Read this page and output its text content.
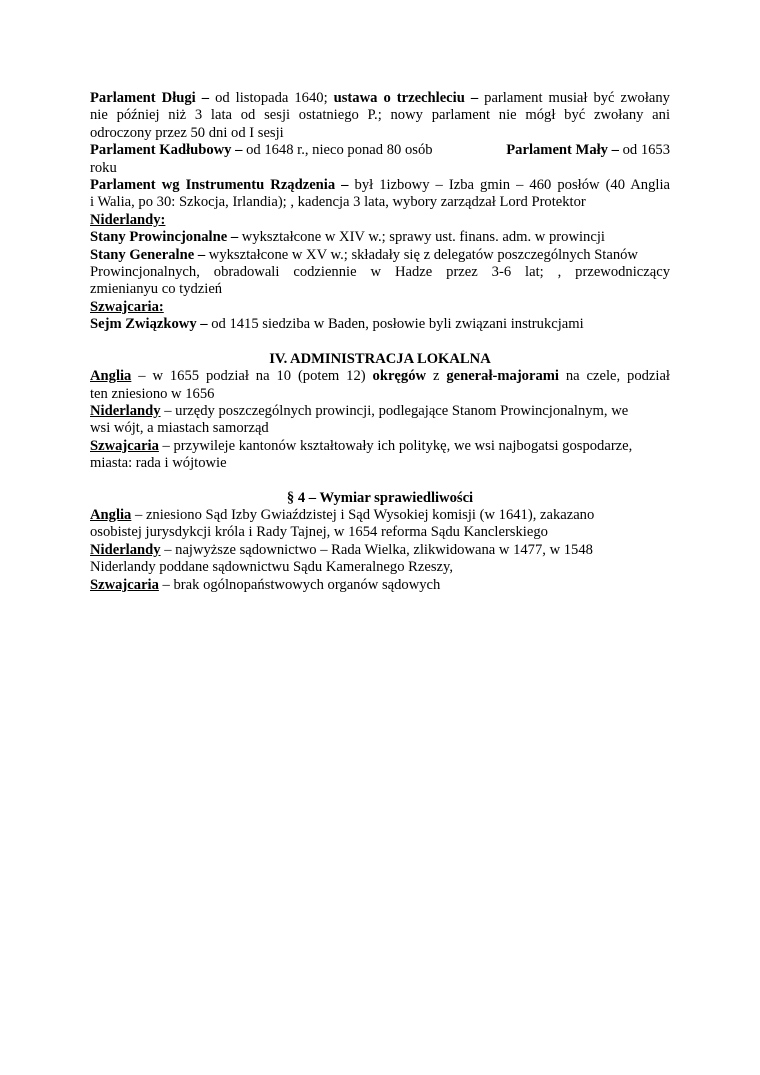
Parlament Długi – od listopada 1640; ustawa o trzechleciu – parlament musiał być zwołany
nie później niż 3 lata od sesji ostatniego P.; nowy parlament nie mógł być zwołany ani
odroczony przez 50 dni od I sesji
Parlament Kadłubowy – od 1648 r., nieco ponad 80 osób	Parlament Mały – od 1653
roku
Parlament wg Instrumentu Rządzenia – był 1izbowy – Izba gmin – 460 posłów (40 Anglia
i Walia, po 30: Szkocja, Irlandia); , kadencja 3 lata, wybory zarządzał Lord Protektor
Niderlandy:
Stany Prowincjonalne – wykształcone w XIV w.; sprawy ust. finans. adm. w prowincji
Stany Generalne – wykształcone w XV w.; składały się z delegatów poszczególnych Stanów
Prowincjonalnych, obradowali codziennie w Hadze przez 3-6 lat; , przewodniczący
zmienianyu co tydzień
Szwajcaria:
Sejm Związkowy – od 1415 siedziba w Baden, posłowie byli związani instrukcjami
IV. ADMINISTRACJA LOKALNA
Anglia – w 1655 podział na 10 (potem 12) okręgów z generał-majorami na czele, podział
ten zniesiono w 1656
Niderlandy – urzędy poszczególnych prowincji, podlegające Stanom Prowincjonalnym, we
wsi wójt, a miastach samorząd
Szwajcaria – przywileje kantonów kształtowały ich politykę, we wsi najbogatsi gospodarze,
miasta: rada i wójtowie
§ 4 – Wymiar sprawiedliwości
Anglia – zniesiono Sąd Izby Gwiaździstej i Sąd Wysokiej komisji (w 1641), zakazano
osobistej jurysdykcji króla i Rady Tajnej, w 1654 reforma Sądu Kanclerskiego
Niderlandy – najwyższe sądownictwo – Rada Wielka, zlikwidowana w 1477, w 1548
Niderlandy poddane sądownictwu Sądu Kameralnego Rzeszy,
Szwajcaria – brak ogólnopaństwowych organów sądowych
